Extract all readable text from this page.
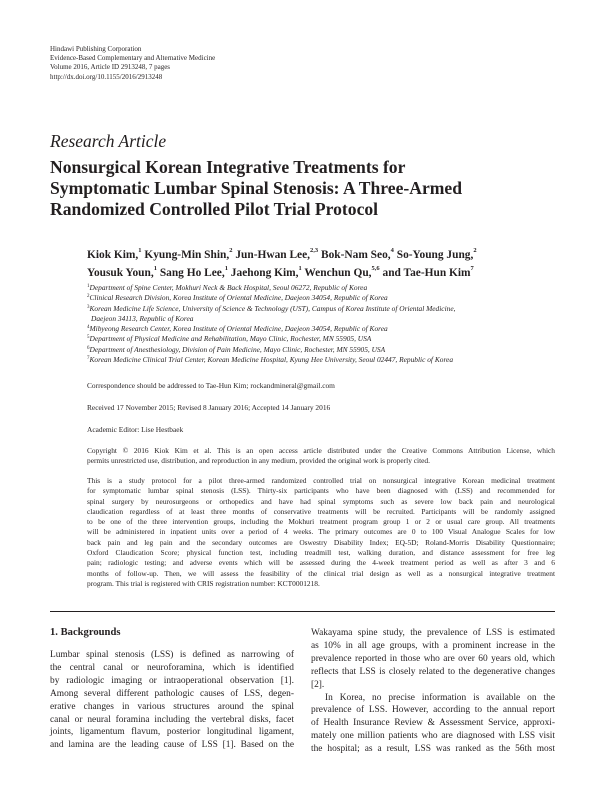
Hindawi Publishing Corporation
Evidence-Based Complementary and Alternative Medicine
Volume 2016, Article ID 2913248, 7 pages
http://dx.doi.org/10.1155/2016/2913248
Research Article
Nonsurgical Korean Integrative Treatments for
Symptomatic Lumbar Spinal Stenosis: A Three-Armed
Randomized Controlled Pilot Trial Protocol
Kiok Kim,$^1$ Kyung-Min Shin,$^2$ Jun-Hwan Lee,$^{2,3}$ Bok-Nam Seo,$^4$ So-Young Jung,$^2$
Yousuk Youn,$^1$ Sang Ho Lee,$^1$ Jaehong Kim,$^1$ Wenchun Qu,$^{5,6}$ and Tae-Hun Kim$^7$
$^1$Department of Spine Center, Mokhuri Neck & Back Hospital, Seoul 06272, Republic of Korea
$^2$Clinical Research Division, Korea Institute of Oriental Medicine, Daejeon 34054, Republic of Korea
$^3$Korean Medicine Life Science, University of Science & Technology (UST), Campus of Korea Institute of Oriental Medicine,
Daejeon 34113, Republic of Korea
$^4$Mibyeong Research Center, Korea Institute of Oriental Medicine, Daejeon 34054, Republic of Korea
$^5$Department of Physical Medicine and Rehabilitation, Mayo Clinic, Rochester, MN 55905, USA
$^6$Department of Anesthesiology, Division of Pain Medicine, Mayo Clinic, Rochester, MN 55905, USA
$^7$Korean Medicine Clinical Trial Center, Korean Medicine Hospital, Kyung Hee University, Seoul 02447, Republic of Korea
Correspondence should be addressed to Tae-Hun Kim; rockandmineral@gmail.com
Received 17 November 2015; Revised 8 January 2016; Accepted 14 January 2016
Academic Editor: Lise Hestbaek
Copyright © 2016 Kiok Kim et al. This is an open access article distributed under the Creative Commons Attribution License, which
permits unrestricted use, distribution, and reproduction in any medium, provided the original work is properly cited.
This is a study protocol for a pilot three-armed randomized controlled trial on nonsurgical integrative Korean medicinal treatment
for symptomatic lumbar spinal stenosis (LSS). Thirty-six participants who have been diagnosed with (LSS) and recommended for
spinal surgery by neurosurgeons or orthopedics and have had spinal symptoms such as severe low back pain and neurological
claudication regardless of at least three months of conservative treatments will be recruited. Participants will be randomly assigned
to be one of the three intervention groups, including the Mokhuri treatment program group 1 or 2 or usual care group. All treatments
will be administered in inpatient units over a period of 4 weeks. The primary outcomes are 0 to 100 Visual Analogue Scales for low
back pain and leg pain and the secondary outcomes are Oswestry Disability Index; EQ-5D; Roland-Morris Disability Questionnaire;
Oxford Claudication Score; physical function test, including treadmill test, walking duration, and distance assessment for free leg
pain; radiologic testing; and adverse events which will be assessed during the 4-week treatment period as well as after 3 and 6
months of follow-up. Then, we will assess the feasibility of the clinical trial design as well as a nonsurgical integrative treatment
program. This trial is registered with CRIS registration number: KCT0001218.
1. Backgrounds
Lumbar spinal stenosis (LSS) is defined as narrowing of
the central canal or neuroforamina, which is identified
by radiologic imaging or intraoperational observation [1].
Among several different pathologic causes of LSS, degen-
erative changes in various structures around the spinal
canal or neural foramina including the vertebral disks, facet
joints, ligamentum flavum, posterior longitudinal ligament,
and lamina are the leading cause of LSS [1]. Based on the
Wakayama spine study, the prevalence of LSS is estimated
as 10% in all age groups, with a prominent increase in the
prevalence reported in those who are over 60 years old, which
reflects that LSS is closely related to the degenerative changes
[2].
In Korea, no precise information is available on the
prevalence of LSS. However, according to the annual report
of Health Insurance Review & Assessment Service, approxi-
mately one million patients who are diagnosed with LSS visit
the hospital; as a result, LSS was ranked as the 56th most
